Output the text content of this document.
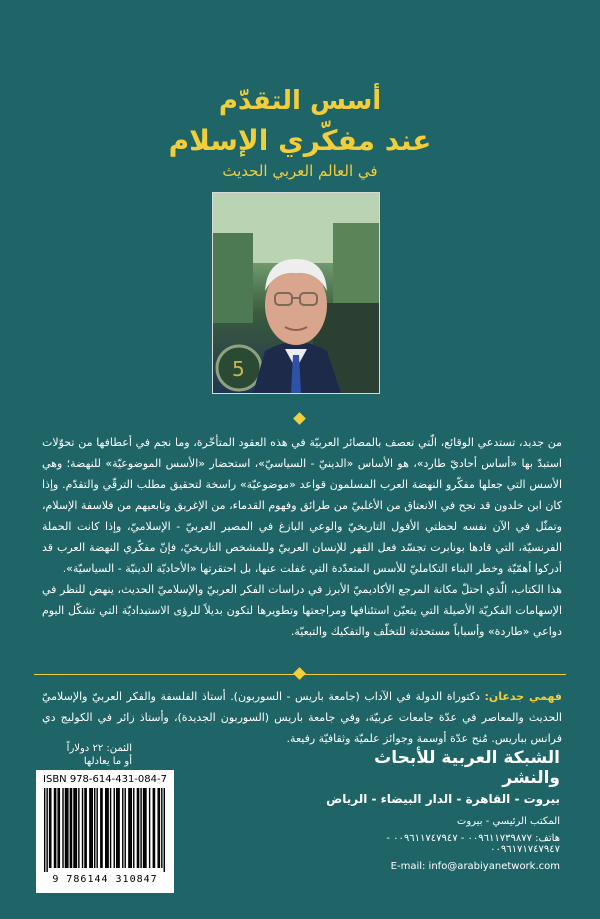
أسس التقدّم
عند مفكّري الإسلام
في العالم العربي الحديث
5

من جديد، تستدعي الوقائع، الّتي تعصف بالمصائر العربيّة في هذه العقود المتأخّرة، وما نجم في أعطافها من تحوّلات استبدّ بها «أساس أحاديّ طارد»، هو الأساس «الدينيّ - السياسيّ»، استحضار «الأسس الموضوعيّة» للنهضة؛ وهي الأسس التي جعلها مفكّرو النهضة العرب المسلمون قواعد «موضوعيّة» راسخة لتحقيق مطلب الترقّي والتقدّم. وإذا كان ابن خلدون قد نجح في الانعتاق من الأغلبيّ من طرائق وفهوم القدماء، من الإغريق وتابعيهم من فلاسفة الإسلام، وتمثّل في الآن نفسه لحظتي الأفول التاريخيّ والوعي البازغ في المصير العربيّ - الإسلاميّ، وإذا كانت الحملة الفرنسيّة، التي قادها بونابرت تجسّد فعل القهر للإنسان العربيّ وللمشخص التاريخيّ، فإنّ مفكّري النهضة العرب قد أدركوا أهمّيّة وخطر البناء التكامليّ للأسس المتعدّدة التي غفلت عنها، بل احتقرتها «الأحاديّة الدينيّة - السياسيّة».

هذا الكتاب، الّذي احتلّ مكانة المرجع الأكاديميّ الأبرز في دراسات الفكر العربيّ والإسلاميّ الحديث، ينهض للنظر في الإسهامات الفكريّة الأصيلة التي يتعيّن استئنافها ومراجعتها وتطويرها لتكون بديلاً للرؤى الاستبداديّة التي تشكّل اليوم دواعي «طاردة» وأسباباً مستحدثة للتخلّف والتفكيك والتبعيّة.

فهمي جدعان: دكتوراة الدولة في الآداب (جامعة باريس - السوربون). أستاذ الفلسفة والفكر العربيّ والإسلاميّ الحديث والمعاصر في عدّة جامعات عربيّة، وفي جامعة باريس (السوربون الجديدة)، وأستاذ زائر في الكوليج دي فرانس بباريس. مُنح عدّة أوسمة وجوائز علميّة وثقافيّة رفيعة.

الثمن: ٢٢ دولاراً
أو ما يعادلها
ISBN 978-614-431-084-7
9 786144 310847
الشبكة العربية للأبحاث والنشر
بيروت - القاهرة - الدار البيضاء - الرياض
المكتب الرئيسي - بيروت
هاتف: ٠٠٩٦١١٧٣٩٨٧٧ - ٠٠٩٦١١٧٤٧٩٤٧ - ٠٠٩٦١٧١٧٤٧٩٤٧
E-mail: info@arabiyanetwork.com
